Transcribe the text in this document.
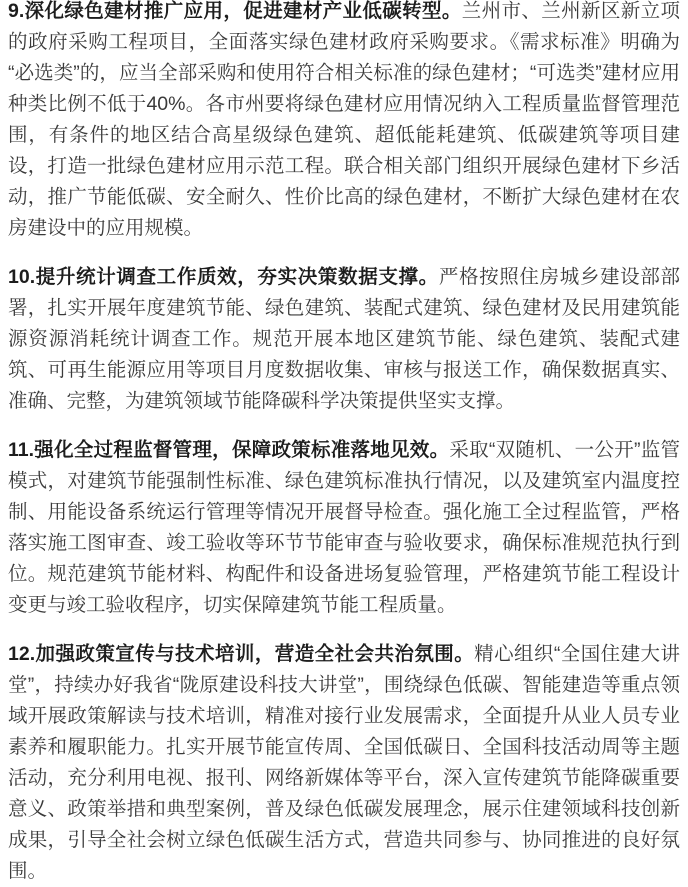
9.深化绿色建材推广应用，促进建材产业低碳转型。兰州市、兰州新区新立项的政府采购工程项目，全面落实绿色建材政府采购要求。《需求标准》明确为“必选类”的，应当全部采购和使用符合相关标准的绿色建材；“可选类”建材应用种类比例不低于40%。各市州要将绿色建材应用情况纳入工程质量监督管理范围，有条件的地区结合高星级绿色建筑、超低能耗建筑、低碳建筑等项目建设，打造一批绿色建材应用示范工程。联合相关部门组织开展绿色建材下乡活动，推广节能低碳、安全耐久、性价比高的绿色建材，不断扩大绿色建材在农房建设中的应用规模。

10.提升统计调查工作质效，夯实决策数据支撑。严格按照住房城乡建设部部署，扎实开展年度建筑节能、绿色建筑、装配式建筑、绿色建材及民用建筑能源资源消耗统计调查工作。规范开展本地区建筑节能、绿色建筑、装配式建筑、可再生能源应用等项目月度数据收集、审核与报送工作，确保数据真实、准确、完整，为建筑领域节能降碳科学决策提供坚实支撑。

11.强化全过程监督管理，保障政策标准落地见效。采取“双随机、一公开”监管模式，对建筑节能强制性标准、绿色建筑标准执行情况，以及建筑室内温度控制、用能设备系统运行管理等情况开展督导检查。强化施工全过程监管，严格落实施工图审查、竣工验收等环节节能审查与验收要求，确保标准规范执行到位。规范建筑节能材料、构配件和设备进场复验管理，严格建筑节能工程设计变更与竣工验收程序，切实保障建筑节能工程质量。

12.加强政策宣传与技术培训，营造全社会共治氛围。精心组织“全国住建大讲堂”，持续办好我省“陇原建设科技大讲堂”，围绕绿色低碳、智能建造等重点领域开展政策解读与技术培训，精准对接行业发展需求，全面提升从业人员专业素养和履职能力。扎实开展节能宣传周、全国低碳日、全国科技活动周等主题活动，充分利用电视、报刊、网络新媒体等平台，深入宣传建筑节能降碳重要意义、政策举措和典型案例，普及绿色低碳发展理念，展示住建领域科技创新成果，引导全社会树立绿色低碳生活方式，营造共同参与、协同推进的良好氛围。
